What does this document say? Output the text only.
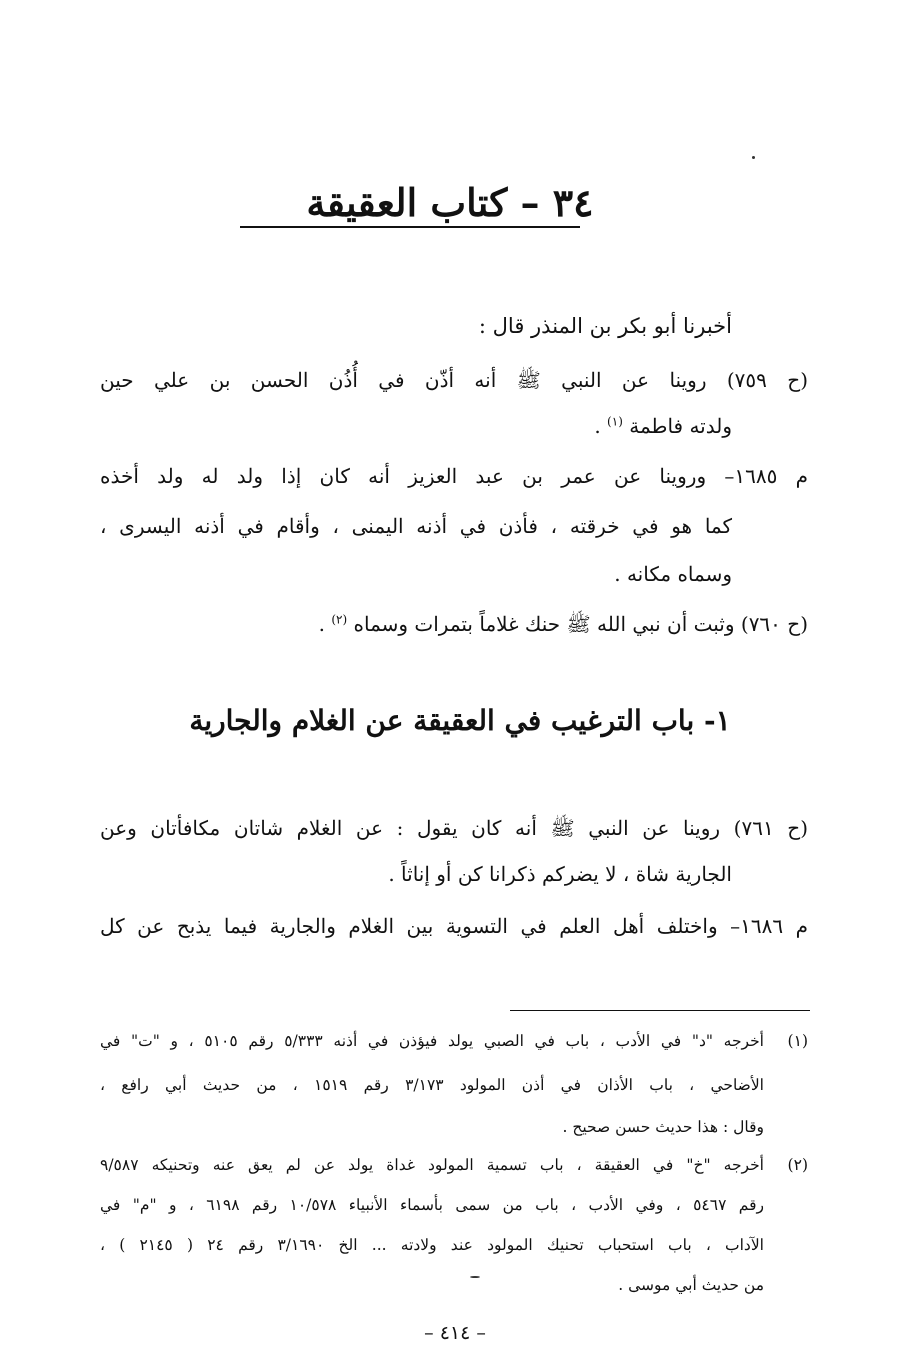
٣٤ – كتاب العقيقة
أخبرنا أبو بكر بن المنذر قال :
(ح ٧٥٩) روينا عن النبي ﷺ أنه أذّن في أُذُن الحسن بن علي حين
ولدته فاطمة $^{(١)}$ .
م ١٦٨٥– وروينا عن عمر بن عبد العزيز أنه كان إذا ولد له ولد أخذه
كما هو في خرقته ، فأذن في أذنه اليمنى ، وأقام في أذنه اليسرى ،
وسماه مكانه .
(ح ٧٦٠) وثبت أن نبي الله ﷺ حنك غلاماً بتمرات وسماه $^{(٢)}$ .
١- باب الترغيب في العقيقة عن الغلام والجارية
(ح ٧٦١) روينا عن النبي ﷺ أنه كان يقول : عن الغلام شاتان مكافأتان وعن
الجارية شاة ، لا يضركم ذكرانا كن أو إناثاً .
م ١٦٨٦– واختلف أهل العلم في التسوية بين الغلام والجارية فيما يذبح عن كل
(١)
أخرجه "د" في الأدب ، باب في الصبي يولد فيؤذن في أذنه ٥/٣٣٣ رقم ٥١٠٥ ، و "ت" في
الأضاحي ، باب الأذان في أذن المولود ٣/١٧٣ رقم ١٥١٩ ، من حديث أبي رافع ،
وقال : هذا حديث حسن صحيح .
(٢)
أخرجه "خ" في العقيقة ، باب تسمية المولود غداة يولد عن لم يعق عنه وتحنيكه ٩/٥٨٧
رقم ٥٤٦٧ ، وفي الأدب ، باب من سمى بأسماء الأنبياء ١٠/٥٧٨ رقم ٦١٩٨ ، و "م" في
الآداب ، باب استحباب تحنيك المولود عند ولادته ... الخ ٣/١٦٩٠ رقم ٢٤ ( ٢١٤٥ ) ،
من حديث أبي موسى .
– ٤١٤ –
